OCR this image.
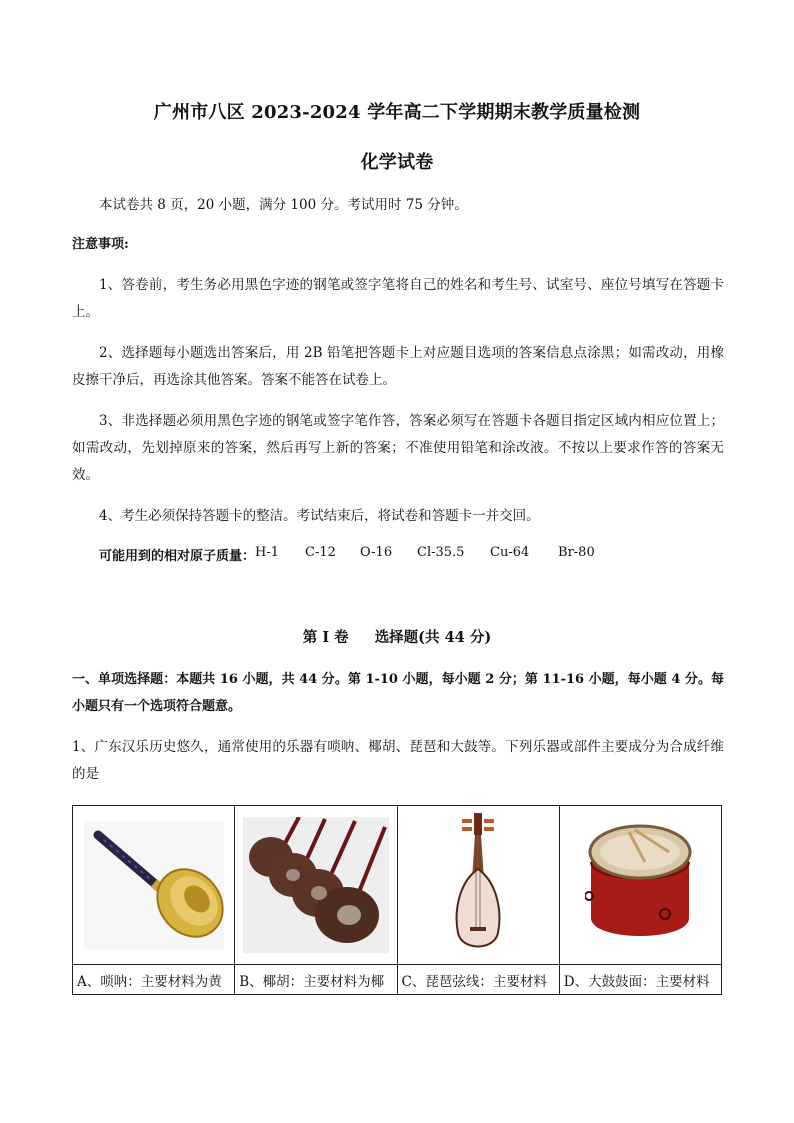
广州市八区 2023-2024 学年高二下学期期末教学质量检测
化学试卷
本试卷共 8 页，20 小题，满分 100 分。考试用时 75 分钟。
注意事项:
1、答卷前，考生务必用黑色字迹的钢笔或签字笔将自己的姓名和考生号、试室号、座位号填写在答题卡上。
2、选择题每小题选出答案后，用 2B 铅笔把答题卡上对应题目选项的答案信息点涂黑；如需改动，用橡皮擦干净后，再选涂其他答案。答案不能答在试卷上。
3、非选择题必须用黑色字迹的钢笔或签字笔作答，答案必须写在答题卡各题目指定区域内相应位置上；如需改动，先划掉原来的答案，然后再写上新的答案；不准使用铅笔和涂改液。不按以上要求作答的答案无效。
4、考生必须保持答题卡的整洁。考试结束后，将试卷和答题卡一并交回。
可能用到的相对原子质量： H-1	C-12	O-16	Cl-35.5	Cu-64	Br-80
第 I 卷 选择题(共 44 分)
一、单项选择题：本题共 16 小题，共 44 分。第 1-10 小题，每小题 2 分；第 11-16 小题，每小题 4 分。每小题只有一个选项符合题意。
1、广东汉乐历史悠久，通常使用的乐器有唢呐、椰胡、琵琶和大鼓等。下列乐器或部件主要成分为合成纤维的是

A、唢呐：主要材料为黄	B、椰胡：主要材料为椰	C、琵琶弦线：主要材料	D、大鼓鼓面：主要材料
